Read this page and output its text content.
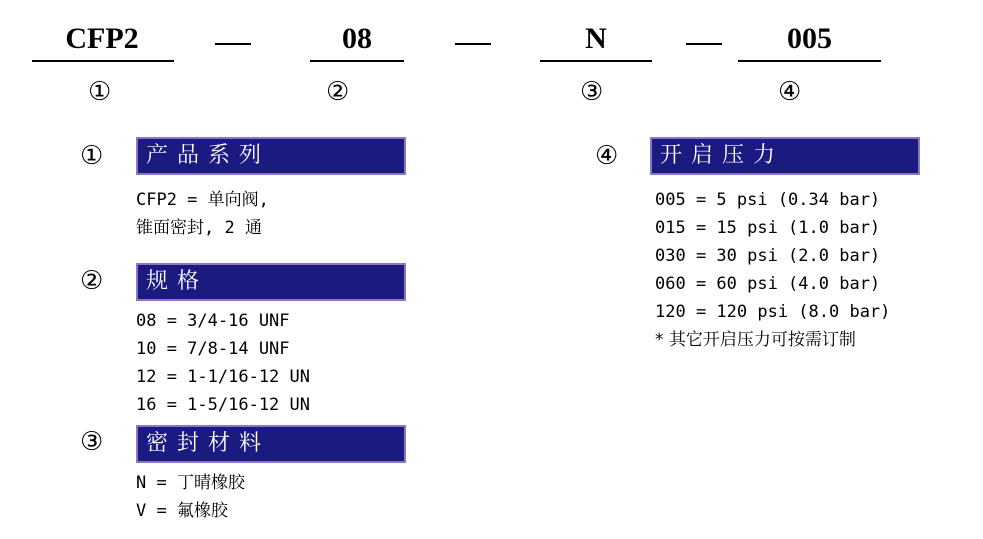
CFP2	08	N	005
①	②	③	④
①	产品系列
CFP2 = 单向阀,
锥面密封, 2 通
②	规格
08 = 3/4-16 UNF
10 = 7/8-14 UNF
12 = 1-1/16-12 UN
16 = 1-5/16-12 UN
③	密封材料
N = 丁晴橡胶
V = 氟橡胶
④	开启压力
005 = 5 psi (0.34 bar)
015 = 15 psi (1.0 bar)
030 = 30 psi (2.0 bar)
060 = 60 psi (4.0 bar)
120 = 120 psi (8.0 bar)
* 其它开启压力可按需订制
